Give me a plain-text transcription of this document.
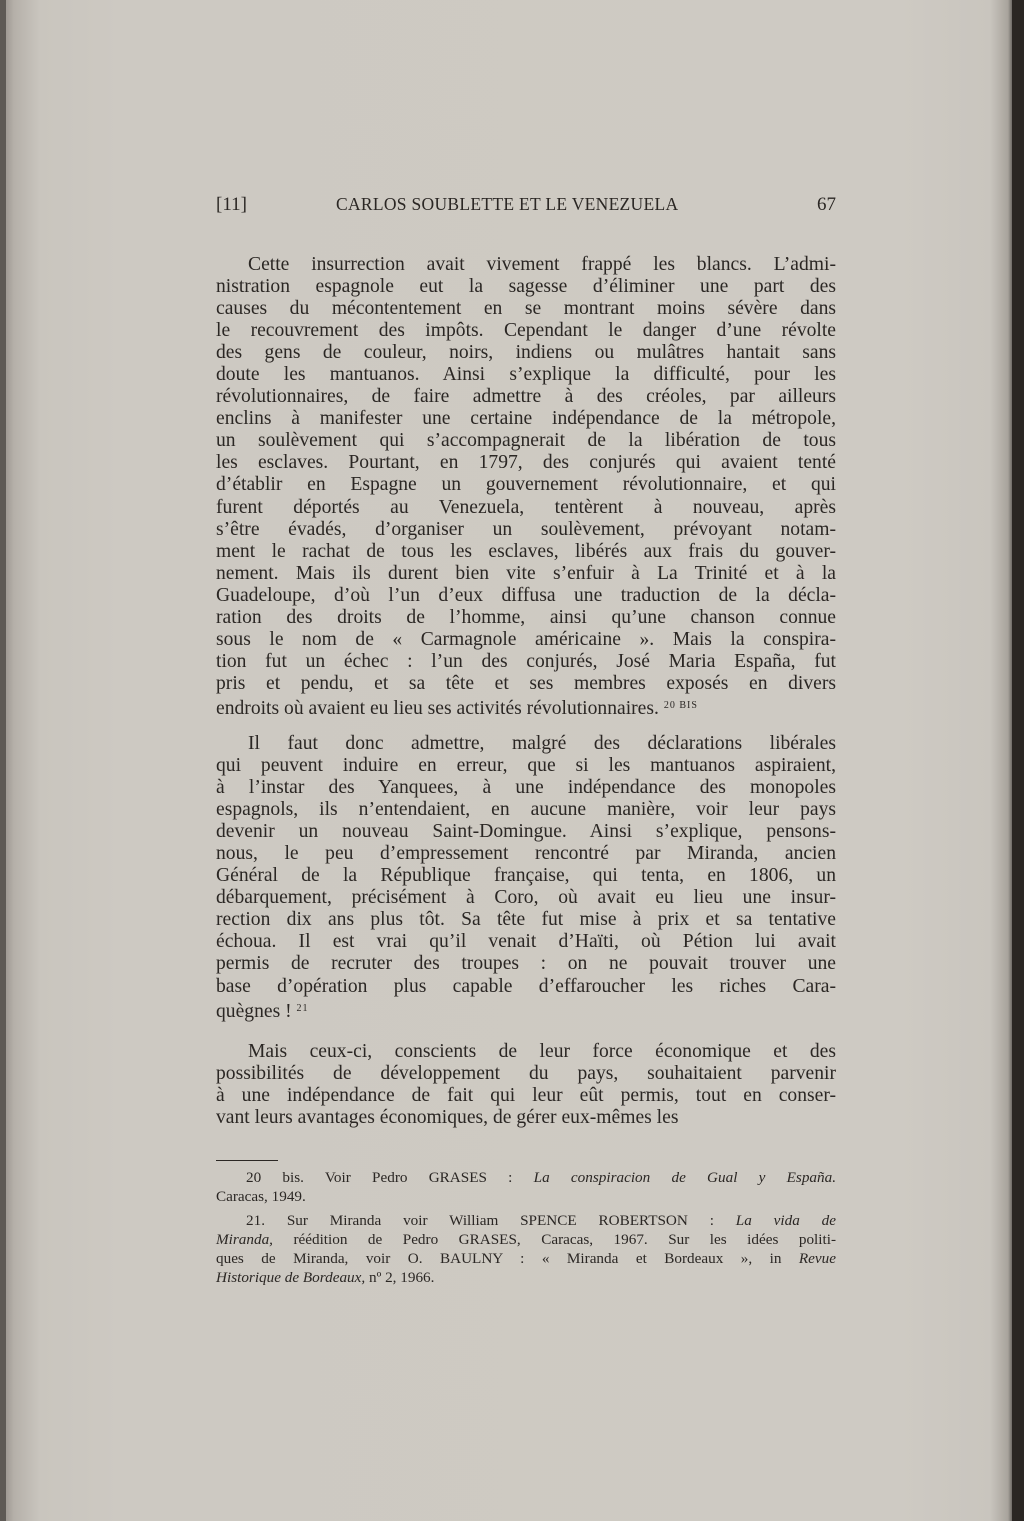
[11]	CARLOS SOUBLETTE ET LE VENEZUELA	67
Cette insurrection avait vivement frappé les blancs. L’admi-
nistration espagnole eut la sagesse d’éliminer une part des
causes du mécontentement en se montrant moins sévère dans
le recouvrement des impôts. Cependant le danger d’une révolte
des gens de couleur, noirs, indiens ou mulâtres hantait sans
doute les mantuanos. Ainsi s’explique la difficulté, pour les
révolutionnaires, de faire admettre à des créoles, par ailleurs
enclins à manifester une certaine indépendance de la métropole,
un soulèvement qui s’accompagnerait de la libération de tous
les esclaves. Pourtant, en 1797, des conjurés qui avaient tenté
d’établir en Espagne un gouvernement révolutionnaire, et qui
furent déportés au Venezuela, tentèrent à nouveau, après
s’être évadés, d’organiser un soulèvement, prévoyant notam-
ment le rachat de tous les esclaves, libérés aux frais du gouver-
nement. Mais ils durent bien vite s’enfuir à La Trinité et à la
Guadeloupe, d’où l’un d’eux diffusa une traduction de la décla-
ration des droits de l’homme, ainsi qu’une chanson connue
sous le nom de « Carmagnole américaine ». Mais la conspira-
tion fut un échec : l’un des conjurés, José Maria España, fut
pris et pendu, et sa tête et ses membres exposés en divers
endroits où avaient eu lieu ses activités révolutionnaires. $^{20 BIS}$
Il faut donc admettre, malgré des déclarations libérales
qui peuvent induire en erreur, que si les mantuanos aspiraient,
à l’instar des Yanquees, à une indépendance des monopoles
espagnols, ils n’entendaient, en aucune manière, voir leur pays
devenir un nouveau Saint-Domingue. Ainsi s’explique, pensons-
nous, le peu d’empressement rencontré par Miranda, ancien
Général de la République française, qui tenta, en 1806, un
débarquement, précisément à Coro, où avait eu lieu une insur-
rection dix ans plus tôt. Sa tête fut mise à prix et sa tentative
échoua. Il est vrai qu’il venait d’Haïti, où Pétion lui avait
permis de recruter des troupes : on ne pouvait trouver une
base d’opération plus capable d’effaroucher les riches Cara-
quègnes ! $^{21}$
Mais ceux-ci, conscients de leur force économique et des
possibilités de développement du pays, souhaitaient parvenir
à une indépendance de fait qui leur eût permis, tout en conser-
vant leurs avantages économiques, de gérer eux-mêmes les
20 bis. Voir Pedro GRASES : La conspiracion de Gual y España.
Caracas, 1949.
21. Sur Miranda voir William SPENCE ROBERTSON : La vida de
Miranda, réédition de Pedro GRASES, Caracas, 1967. Sur les idées politi-
ques de Miranda, voir O. BAULNY : « Miranda et Bordeaux », in Revue
Historique de Bordeaux, nº 2, 1966.
